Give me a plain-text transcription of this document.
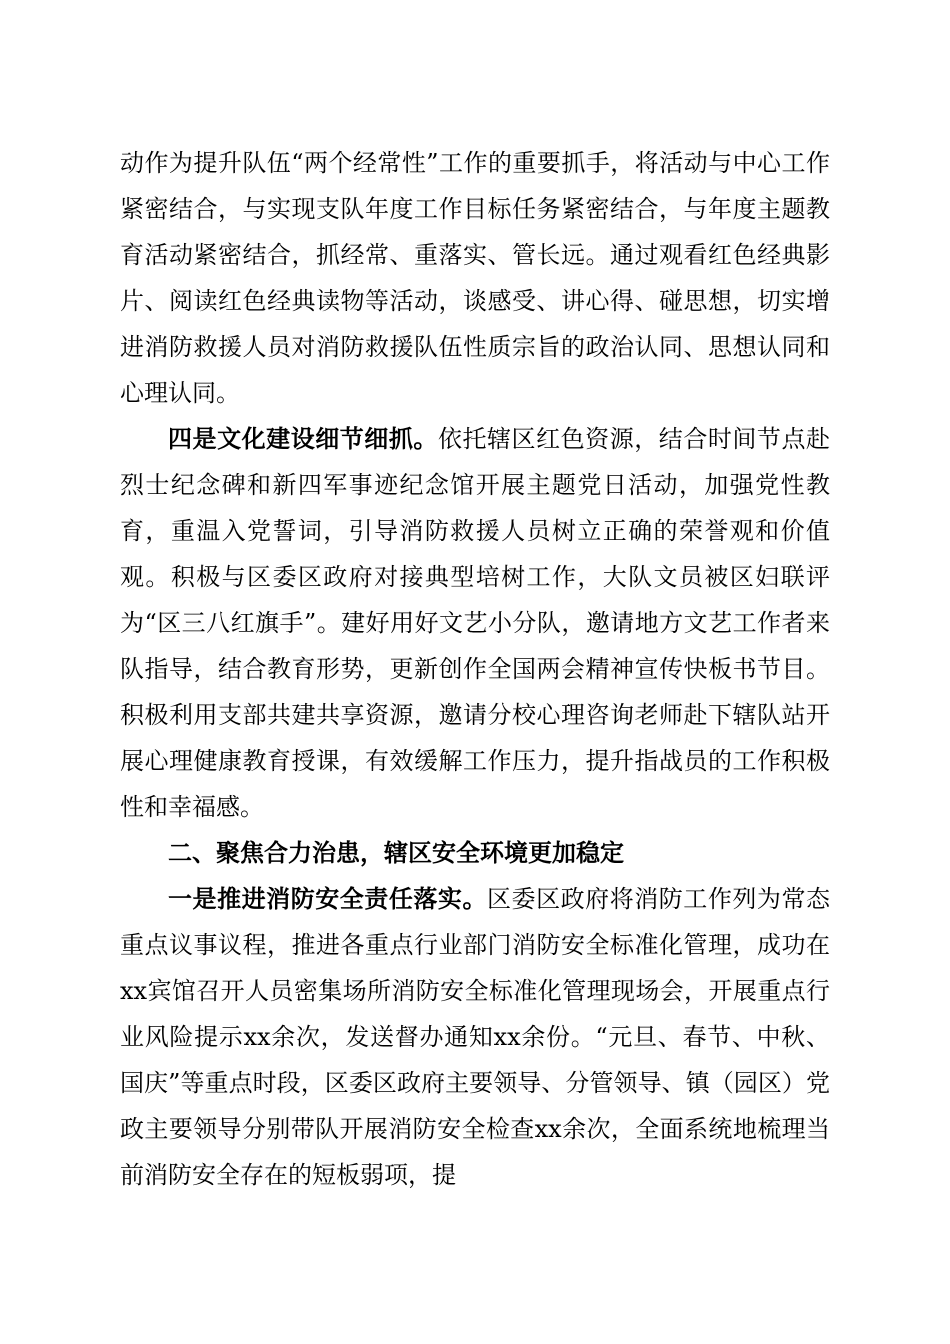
动作为提升队伍“两个经常性”工作的重要抓手，将活动与中心工作紧密结合，与实现支队年度工作目标任务紧密结合，与年度主题教育活动紧密结合，抓经常、重落实、管长远。通过观看红色经典影片、阅读红色经典读物等活动，谈感受、讲心得、碰思想，切实增进消防救援人员对消防救援队伍性质宗旨的政治认同、思想认同和心理认同。

四是文化建设细节细抓。依托辖区红色资源，结合时间节点赴烈士纪念碑和新四军事迹纪念馆开展主题党日活动，加强党性教育，重温入党誓词，引导消防救援人员树立正确的荣誉观和价值观。积极与区委区政府对接典型培树工作，大队文员被区妇联评为“区三八红旗手”。建好用好文艺小分队，邀请地方文艺工作者来队指导，结合教育形势，更新创作全国两会精神宣传快板书节目。积极利用支部共建共享资源，邀请分校心理咨询老师赴下辖队站开展心理健康教育授课，有效缓解工作压力，提升指战员的工作积极性和幸福感。

二、聚焦合力治患，辖区安全环境更加稳定

一是推进消防安全责任落实。区委区政府将消防工作列为常态重点议事议程，推进各重点行业部门消防安全标准化管理，成功在xx宾馆召开人员密集场所消防安全标准化管理现场会，开展重点行业风险提示xx余次，发送督办通知xx余份。“元旦、春节、中秋、国庆”等重点时段，区委区政府主要领导、分管领导、镇（园区）党政主要领导分别带队开展消防安全检查xx余次，全面系统地梳理当前消防安全存在的短板弱项，提
